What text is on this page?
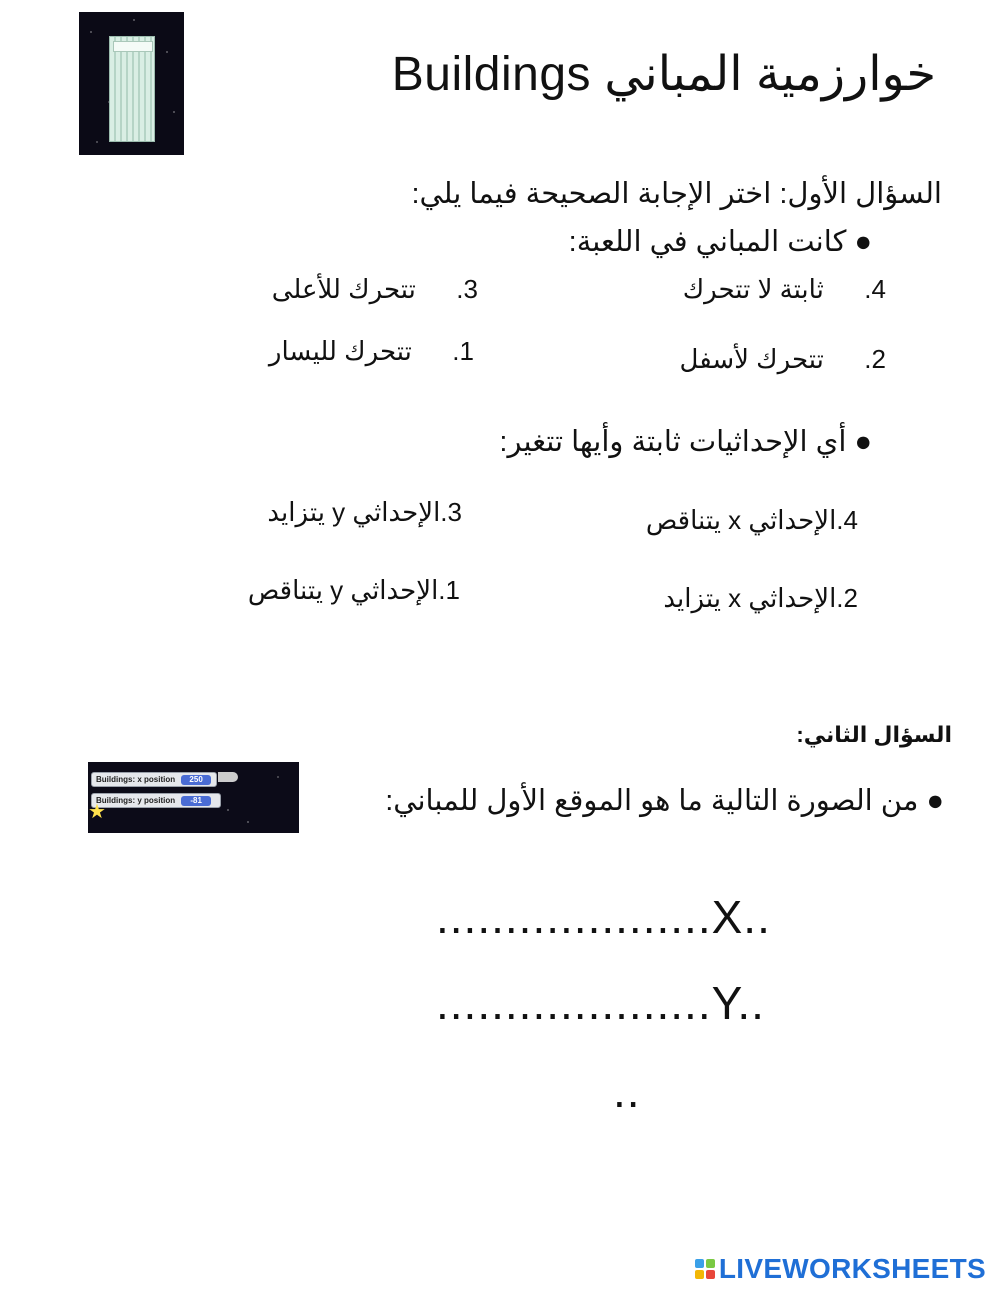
خوارزمية المباني Buildings
السؤال الأول: اختر الإجابة الصحيحة فيما يلي:
● كانت المباني في اللعبة:
4.  ثابتة لا تتحرك
2.  تتحرك لأسفل
3.  تتحرك للأعلى
1.  تتحرك لليسار
● أي الإحداثيات ثابتة وأيها تتغير:
4.الإحداثي x يتناقص
3.الإحداثي y يتزايد
2.الإحداثي x يتزايد
1.الإحداثي y يتناقص
السؤال الثاني:
Buildings: x position	250
Buildings: y position	-81
★	● من الصورة التالية ما هو الموقع الأول للمباني:
....................X..
....................Y..
..
LIVEWORKSHEETS
